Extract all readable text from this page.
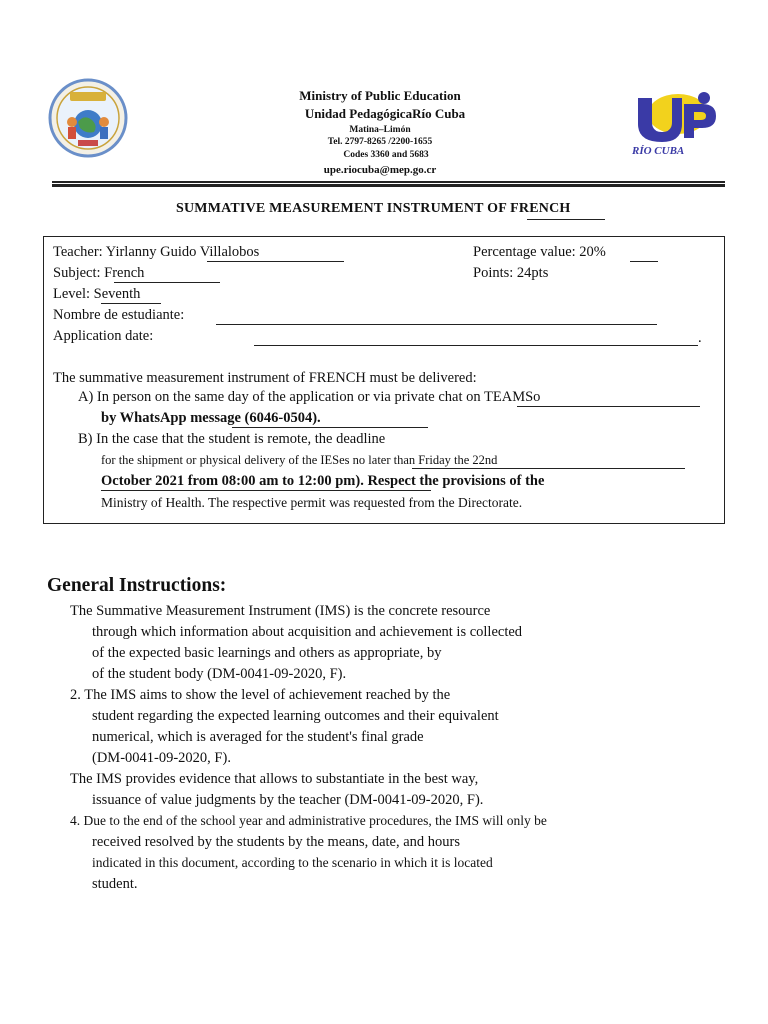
Ministry of Public Education
Unidad PedagógicaRío Cuba
Matina–Limón
Tel. 2797-8265 /2200-1655
Codes 3360 and 5683
upe.riocuba@mep.go.cr
RÍO CUBA
SUMMATIVE MEASUREMENT INSTRUMENT OF FRENCH
Teacher: Yirlanny Guido Villalobos
Subject: French
Level: Seventh
Nombre de estudiante:
Application date:	.
Percentage value: 20%
Points: 24pts
The summative measurement instrument of FRENCH must be delivered:
A) In person on the same day of the application or via private chat on TEAMSo
by WhatsApp message (6046-0504).
B) In the case that the student is remote, the deadline
for the shipment or physical delivery of the IESes no later than Friday the 22nd
October 2021 from 08:00 am to 12:00 pm). Respect the provisions of the
Ministry of Health. The respective permit was requested from the Directorate.
General Instructions:
The Summative Measurement Instrument (IMS) is the concrete resource
through which information about acquisition and achievement is collected
of the expected basic learnings and others as appropriate, by
of the student body (DM-0041-09-2020, F).
2. The IMS aims to show the level of achievement reached by the
student regarding the expected learning outcomes and their equivalent
numerical, which is averaged for the student's final grade
(DM-0041-09-2020, F).
The IMS provides evidence that allows to substantiate in the best way,
issuance of value judgments by the teacher (DM-0041-09-2020, F).
4. Due to the end of the school year and administrative procedures, the IMS will only be
received resolved by the students by the means, date, and hours
indicated in this document, according to the scenario in which it is located
student.
